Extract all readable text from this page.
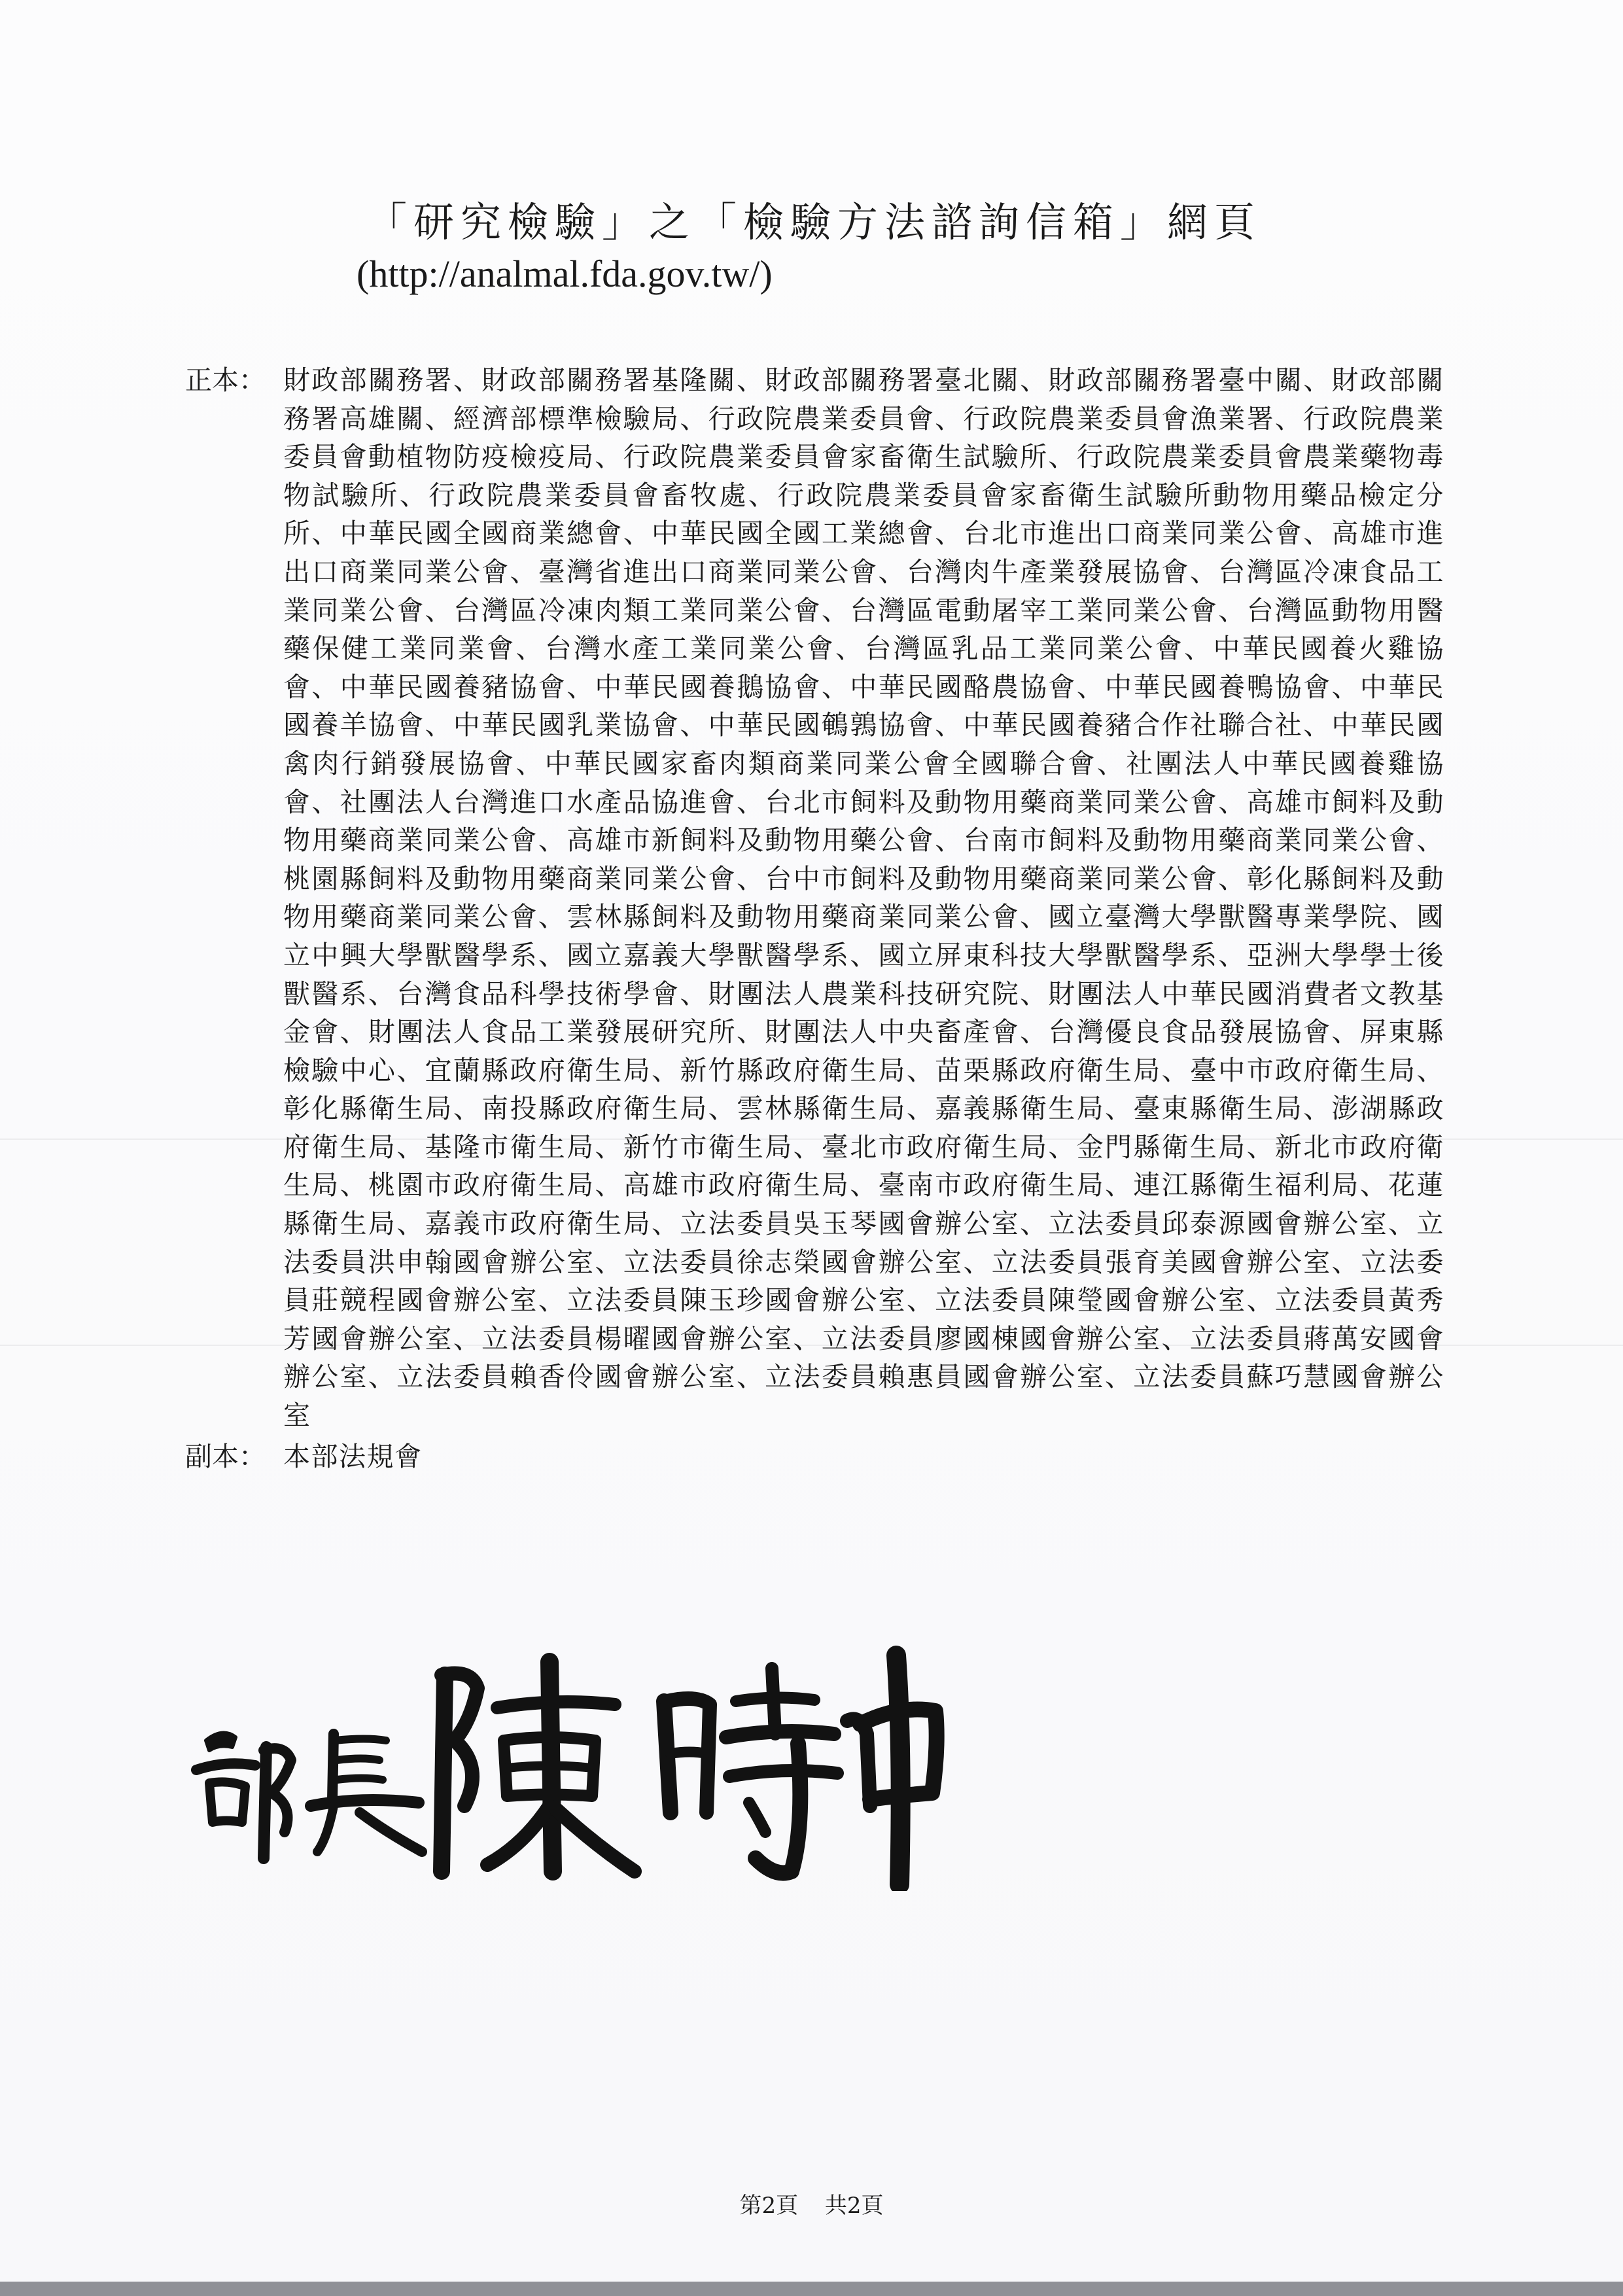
「研究檢驗」之「檢驗方法諮詢信箱」網頁
(http://analmal.fda.gov.tw/)
正本： 財政部關務署、財政部關務署基隆關、財政部關務署臺北關、財政部關務署臺中關、財政部關務署高雄關、經濟部標準檢驗局、行政院農業委員會、行政院農業委員會漁業署、行政院農業委員會動植物防疫檢疫局、行政院農業委員會家畜衛生試驗所、行政院農業委員會農業藥物毒物試驗所、行政院農業委員會畜牧處、行政院農業委員會家畜衛生試驗所動物用藥品檢定分所、中華民國全國商業總會、中華民國全國工業總會、台北市進出口商業同業公會、高雄市進出口商業同業公會、臺灣省進出口商業同業公會、台灣肉牛產業發展協會、台灣區冷凍食品工業同業公會、台灣區冷凍肉類工業同業公會、台灣區電動屠宰工業同業公會、台灣區動物用醫藥保健工業同業會、台灣水產工業同業公會、台灣區乳品工業同業公會、中華民國養火雞協會、中華民國養豬協會、中華民國養鵝協會、中華民國酪農協會、中華民國養鴨協會、中華民國養羊協會、中華民國乳業協會、中華民國鵪鶉協會、中華民國養豬合作社聯合社、中華民國禽肉行銷發展協會、中華民國家畜肉類商業同業公會全國聯合會、社團法人中華民國養雞協會、社團法人台灣進口水產品協進會、台北市飼料及動物用藥商業同業公會、高雄市飼料及動物用藥商業同業公會、高雄市新飼料及動物用藥公會、台南市飼料及動物用藥商業同業公會、桃園縣飼料及動物用藥商業同業公會、台中市飼料及動物用藥商業同業公會、彰化縣飼料及動物用藥商業同業公會、雲林縣飼料及動物用藥商業同業公會、國立臺灣大學獸醫專業學院、國立中興大學獸醫學系、國立嘉義大學獸醫學系、國立屏東科技大學獸醫學系、亞洲大學學士後獸醫系、台灣食品科學技術學會、財團法人農業科技研究院、財團法人中華民國消費者文教基金會、財團法人食品工業發展研究所、財團法人中央畜產會、台灣優良食品發展協會、屏東縣檢驗中心、宜蘭縣政府衛生局、新竹縣政府衛生局、苗栗縣政府衛生局、臺中市政府衛生局、彰化縣衛生局、南投縣政府衛生局、雲林縣衛生局、嘉義縣衛生局、臺東縣衛生局、澎湖縣政府衛生局、基隆市衛生局、新竹市衛生局、臺北市政府衛生局、金門縣衛生局、新北市政府衛生局、桃園市政府衛生局、高雄市政府衛生局、臺南市政府衛生局、連江縣衛生福利局、花蓮縣衛生局、嘉義市政府衛生局、立法委員吳玉琴國會辦公室、立法委員邱泰源國會辦公室、立法委員洪申翰國會辦公室、立法委員徐志榮國會辦公室、立法委員張育美國會辦公室、立法委員莊競程國會辦公室、立法委員陳玉珍國會辦公室、立法委員陳瑩國會辦公室、立法委員黃秀芳國會辦公室、立法委員楊曜國會辦公室、立法委員廖國棟國會辦公室、立法委員蔣萬安國會辦公室、立法委員賴香伶國會辦公室、立法委員賴惠員國會辦公室、立法委員蘇巧慧國會辦公室
副本： 本部法規會
第2頁 共2頁
